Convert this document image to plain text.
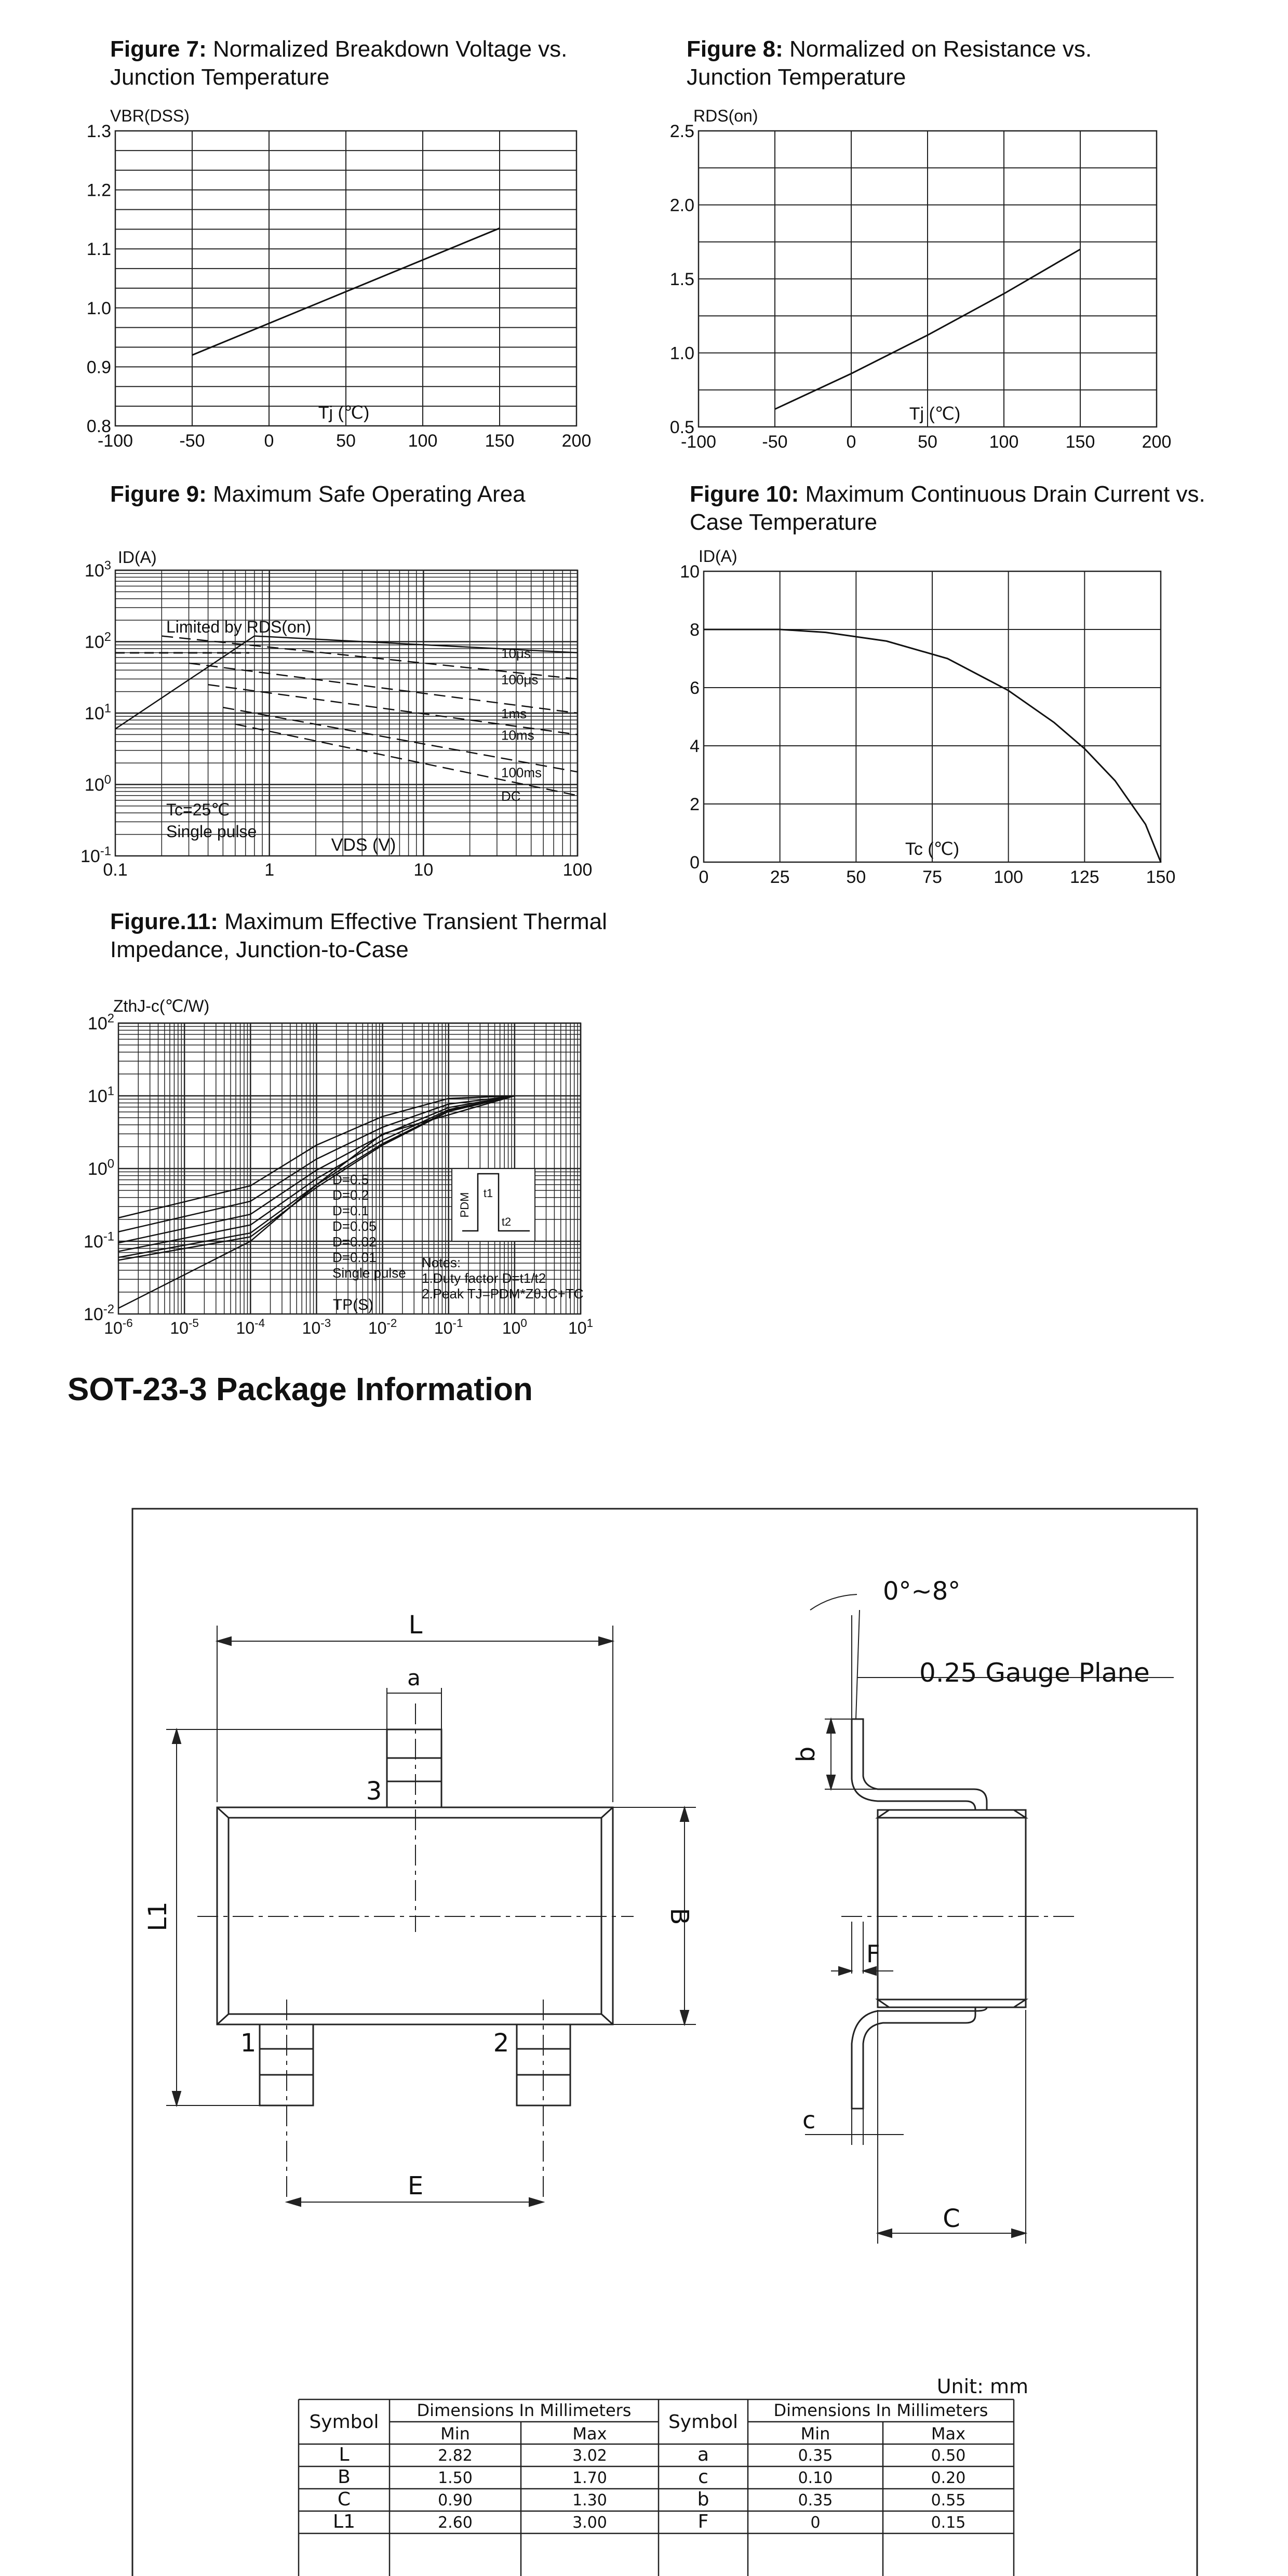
Figure 7: Normalized Breakdown Voltage vs. Junction Temperature
Figure 8: Normalized on Resistance vs. Junction Temperature
Figure 9: Maximum Safe Operating Area	Figure 10: Maximum Continuous Drain Current vs. Case Temperature
Figure.11: Maximum Effective Transient Thermal Impedance, Junction-to-Case
-100	-50	0	50	100	150	200
0.8
0.9
1.0
1.1
1.2
1.3
VBR(DSS)
Tj (℃)
-100	-50	0	50	100	150	200
0.5
1.0
1.5
2.0
2.5
RDS(on)
Tj (℃)
0	25	50	75	100	125	150
0
2
4
6
8
10
ID(A)
Tc (℃)
0.1	1	10	100
$10^{-1}$
$10^0$
$10^1$
$10^2$
$10^3$ ID(A)
VDS (V)
Limited by RDS(on)
Tc=25℃
Single pulse
10μs
100μs
1ms
10ms
100ms
DC
$10^{-6}$ $10^{-5}$ $10^{-4}$ $10^{-3}$ $10^{-2}$ $10^{-1}$ $10^0$ $10^1$
$10^{-2}$
$10^{-1}$
$10^0$
$10^1$
$10^2$
ZthJ-c(℃/W)
TP(S)
D=0.5
D=0.2
D=0.1
D=0.05
D=0.02
D=0.01
Single pulse
Notes:
1.Duty factor D=t1/t2
2.Peak TJ=PDM*ZθJC+TC
PDM t1
t2
SOT-23-3 Package Information
L
a
3
1	2
L1	B
E
0°~8°
0.25 Gauge Plane
b
F
c
C
Unit: mm
Symbol	Symbol
Dimensions In Millimeters	Dimensions In Millimeters
Min	Max	Min	Max
L	2.82	3.02	a	0.35	0.50
B	1.50	1.70	c	0.10	0.20
C	0.90	1.30	b	0.35	0.55
L1	2.60	3.00	F	0	0.15
